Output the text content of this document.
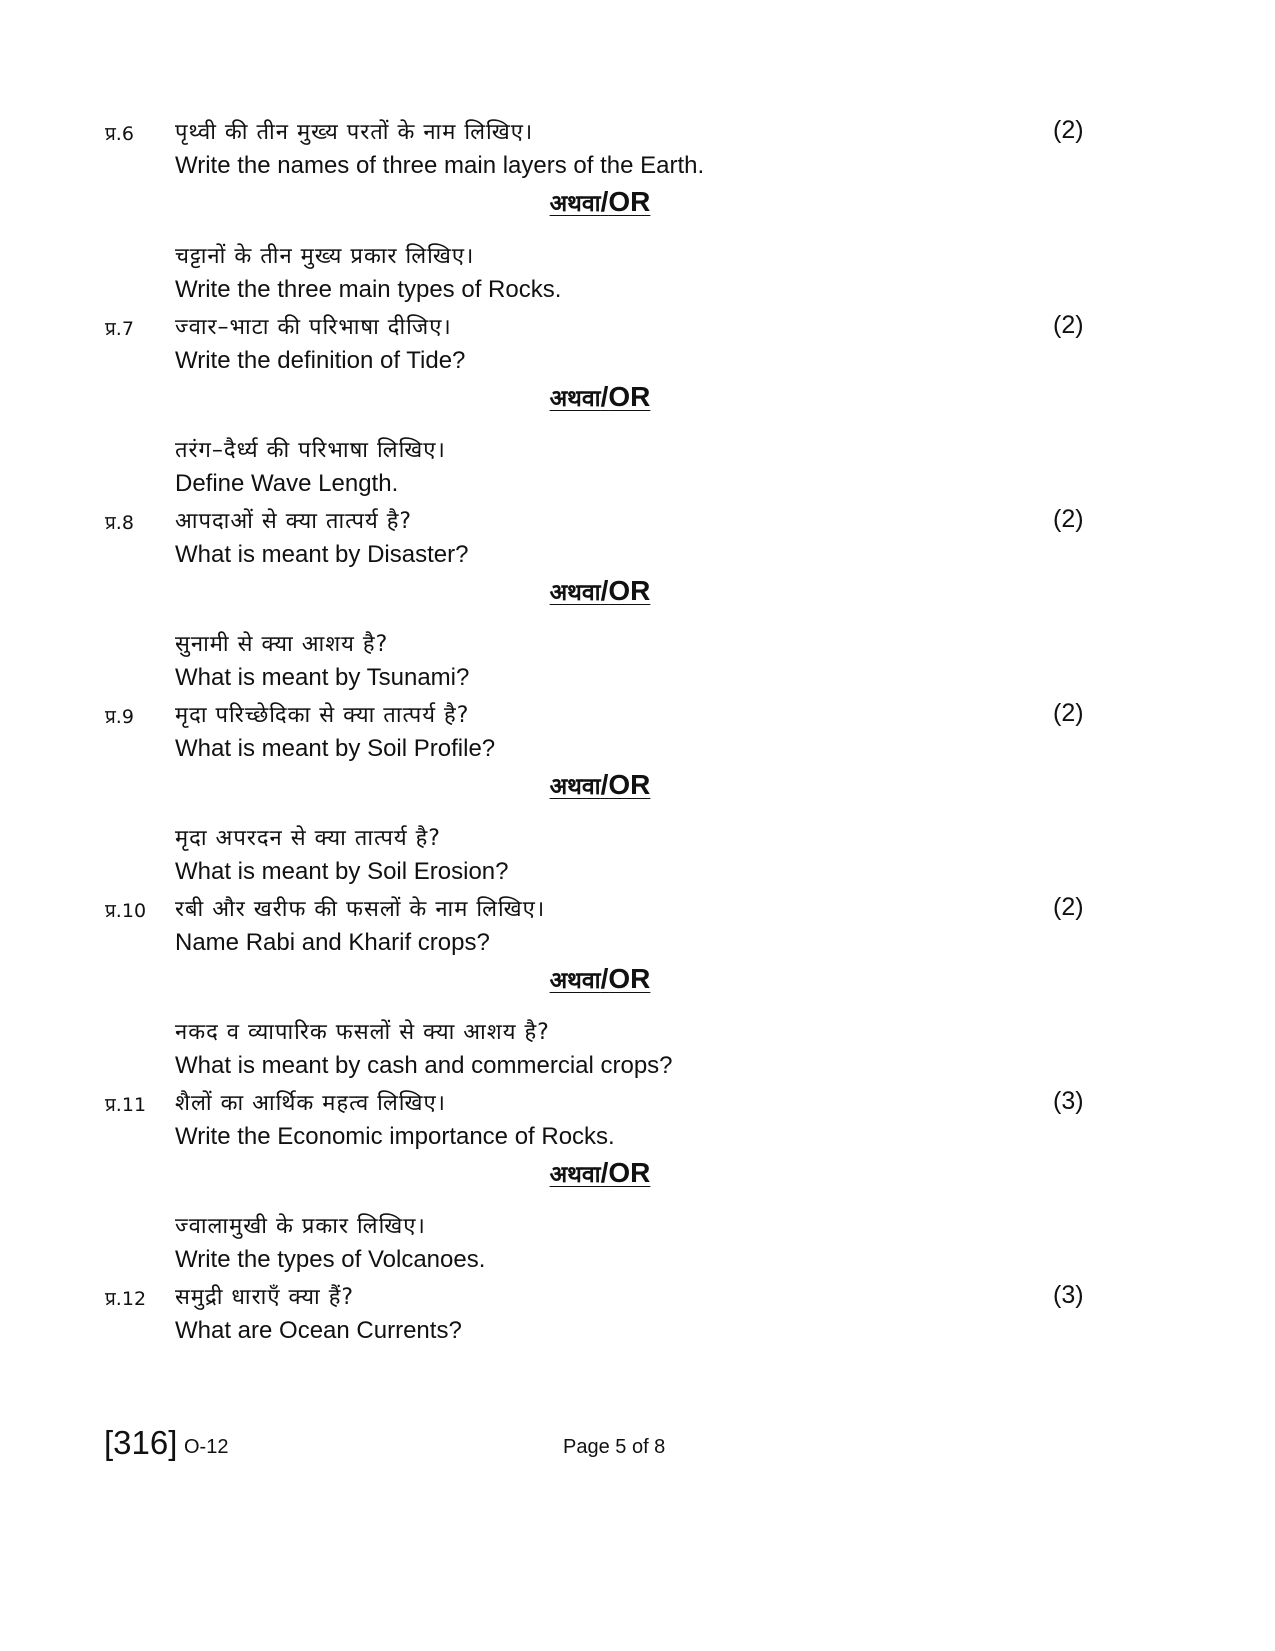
प्र.6 पृथ्वी की तीन मुख्य परतों के नाम लिखिए।	(2)
Write the names of three main layers of the Earth.
अथवा/OR
चट्टानों के तीन मुख्य प्रकार लिखिए।
Write the three main types of Rocks.
प्र.7 ज्वार–भाटा की परिभाषा दीजिए।	(2)
Write the definition of Tide?
अथवा/OR
तरंग–दैर्ध्य की परिभाषा लिखिए।
Define Wave Length.
प्र.8 आपदाओं से क्या तात्पर्य है?	(2)
What is meant by Disaster?
अथवा/OR
सुनामी से क्या आशय है?
What is meant by Tsunami?
प्र.9 मृदा परिच्छेदिका से क्या तात्पर्य है?	(2)
What is meant by Soil Profile?
अथवा/OR
मृदा अपरदन से क्या तात्पर्य है?
What is meant by Soil Erosion?
प्र.10 रबी और खरीफ की फसलों के नाम लिखिए।	(2)
Name Rabi and Kharif crops?
अथवा/OR
नकद व व्यापारिक फसलों से क्या आशय है?
What is meant by cash and commercial crops?
प्र.11 शैलों का आर्थिक महत्व लिखिए।	(3)
Write the Economic importance of Rocks.
अथवा/OR
ज्वालामुखी के प्रकार लिखिए।
Write the types of Volcanoes.
प्र.12 समुद्री धाराएँ क्या हैं?	(3)
What are Ocean Currents?
[316] O-12	Page 5 of 8
